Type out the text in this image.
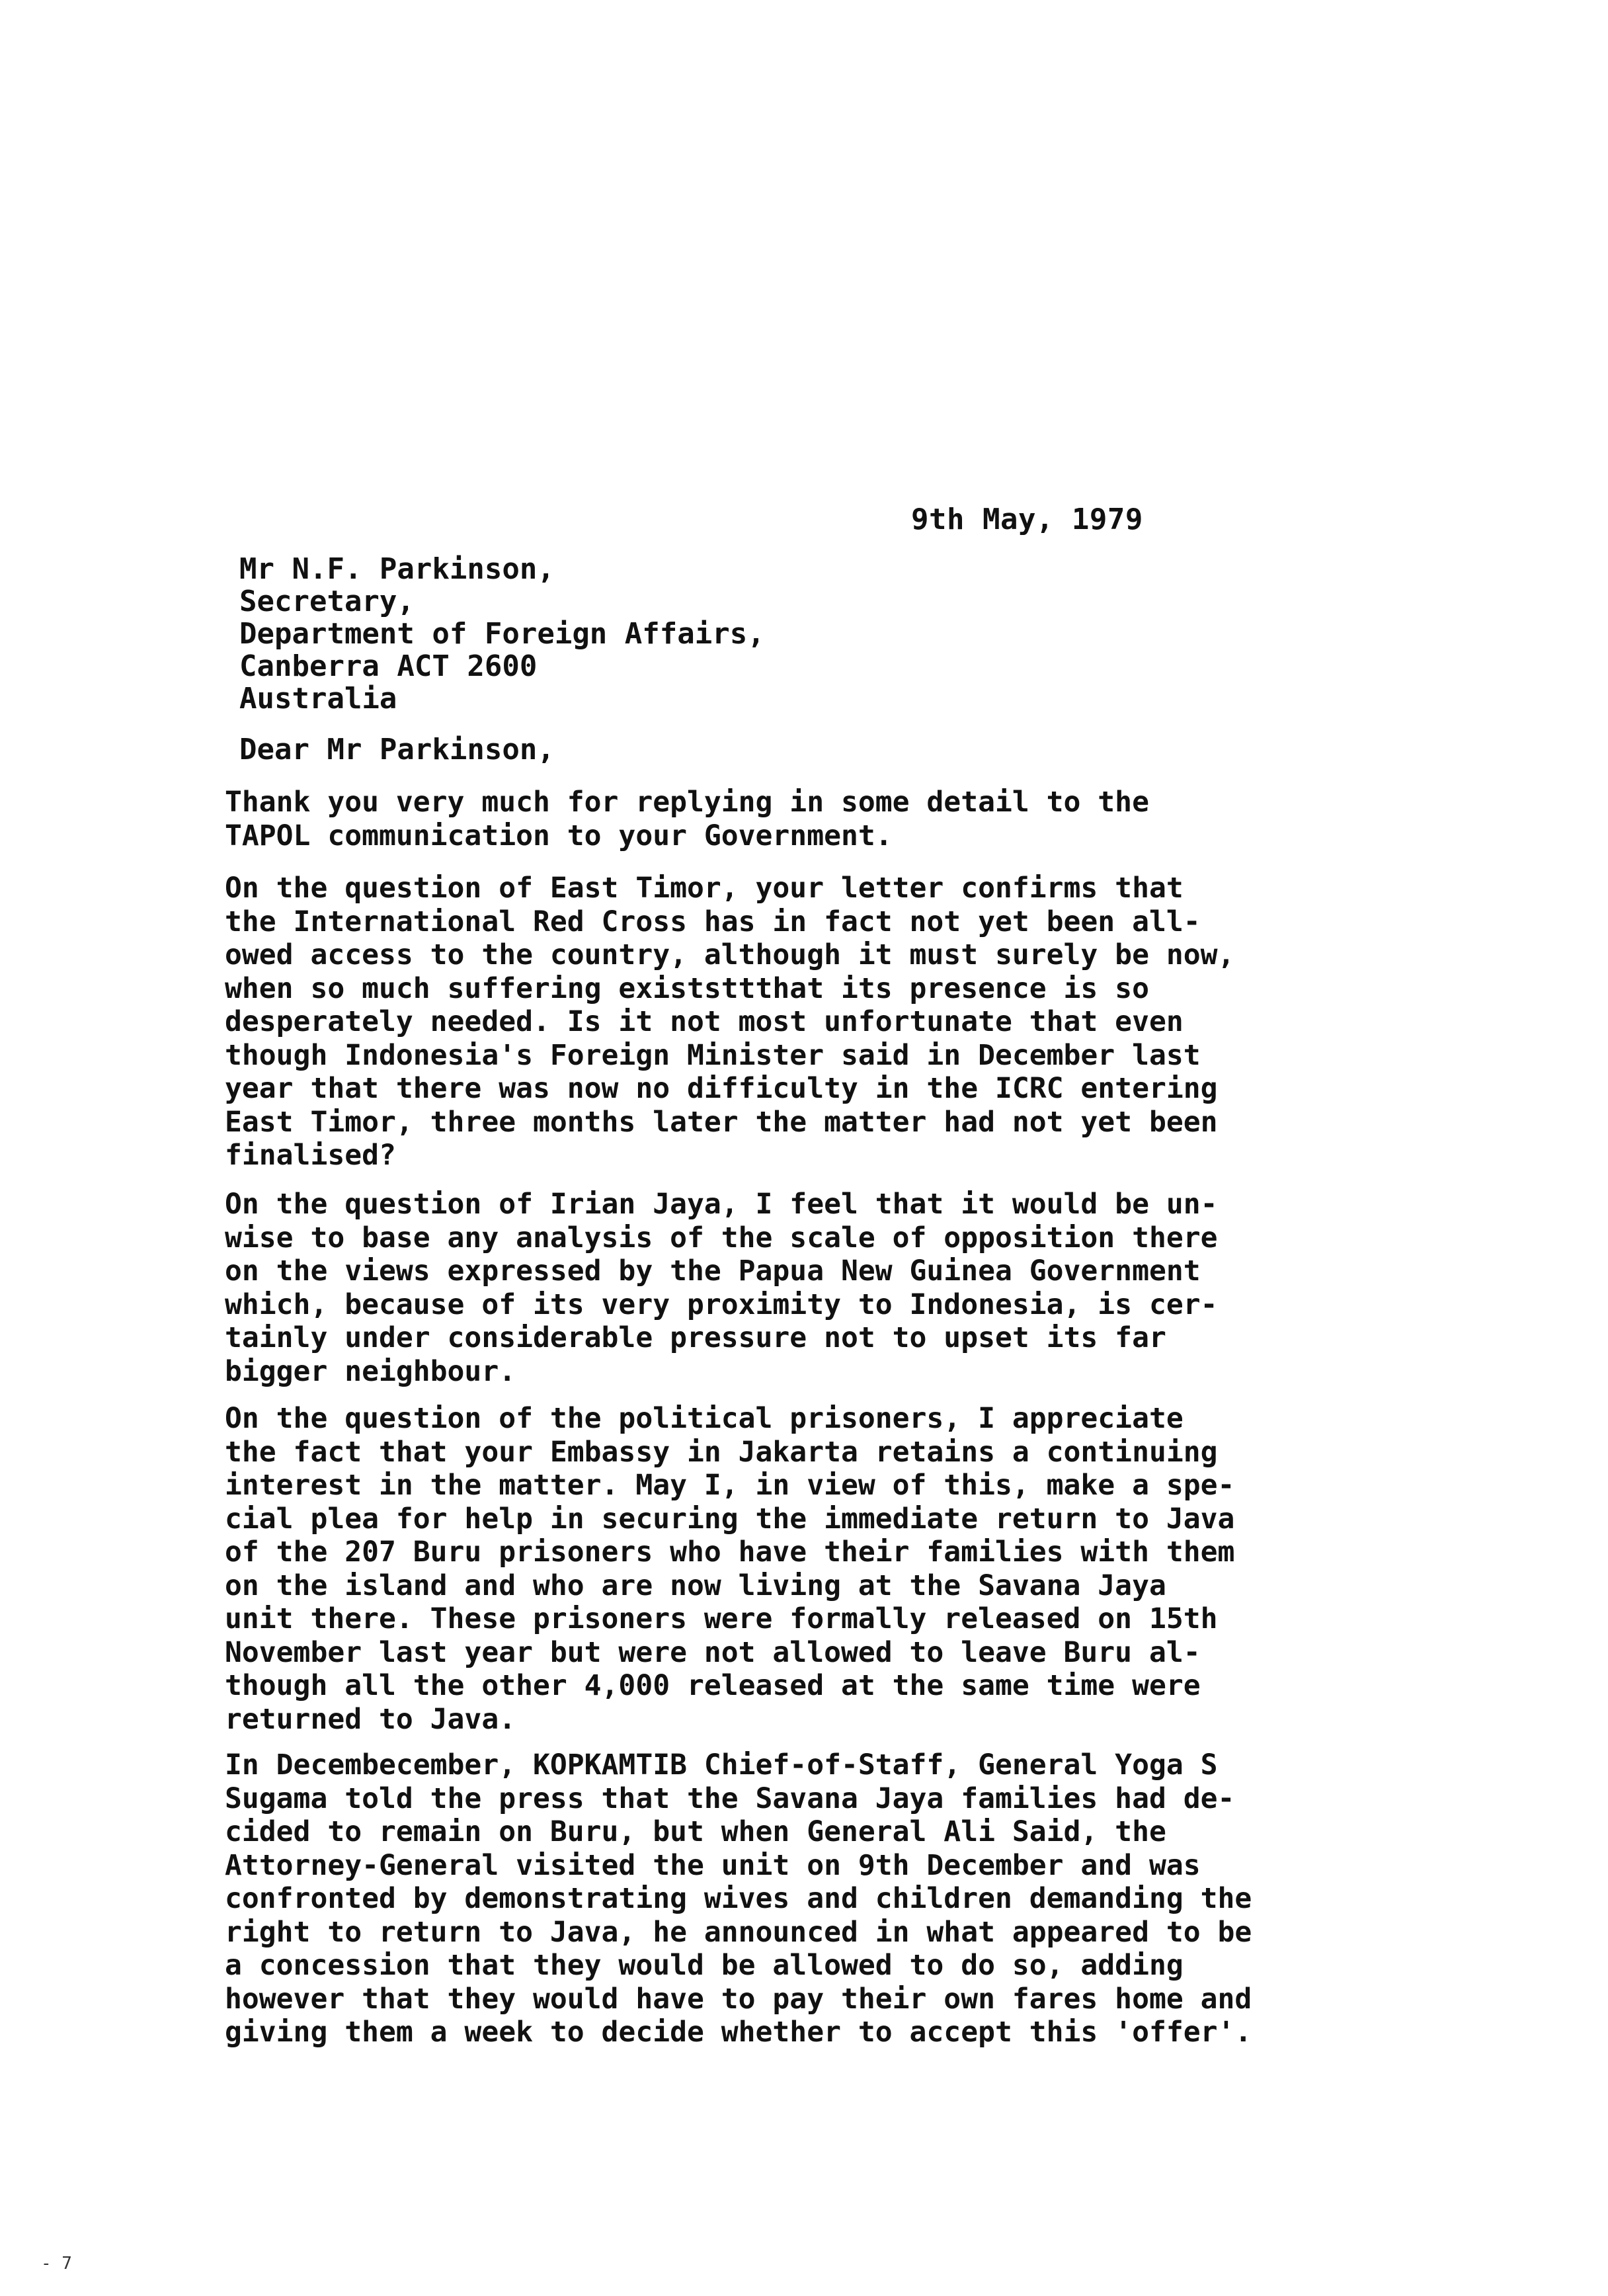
9th May, 1979
Mr N.F. Parkinson,
Secretary,
Department of Foreign Affairs,
Canberra ACT 2600
Australia
Dear Mr Parkinson,
Thank you very much for replying in some detail to the
TAPOL communication to your Government.
On the question of East Timor, your letter confirms that
the International Red Cross has in fact not yet been all-
owed access to the country, although it must surely be now,
when so much suffering existsttthat its presence is so
desperately needed. Is it not most unfortunate that even
though Indonesia's Foreign Minister said in December last
year that there was now no difficulty in the ICRC entering
East Timor, three months later the matter had not yet been
finalised?
On the question of Irian Jaya, I feel that it would be un-
wise to base any analysis of the scale of opposition there
on the views expressed by the Papua New Guinea Government
which, because of its very proximity to Indonesia, is cer-
tainly under considerable pressure not to upset its far
bigger neighbour.
On the question of the political prisoners, I appreciate
the fact that your Embassy in Jakarta retains a continuing
interest in the matter. May I, in view of this, make a spe-
cial plea for help in securing the immediate return to Java
of the 207 Buru prisoners who have their families with them
on the island and who are now living at the Savana Jaya
unit there. These prisoners were formally released on 15th
November last year but were not allowed to leave Buru al-
though all the other 4,000 released at the same time were
returned to Java.
In Decembecember, KOPKAMTIB Chief-of-Staff, General Yoga S
Sugama told the press that the Savana Jaya families had de-
cided to remain on Buru, but when General Ali Said, the
Attorney-General visited the unit on 9th December and was
confronted by demonstrating wives and children demanding the
right to return to Java, he announced in what appeared to be
a concession that they would be allowed to do so, adding
however that they would have to pay their own fares home and
giving them a week to decide whether to accept this 'offer'.
- 7
